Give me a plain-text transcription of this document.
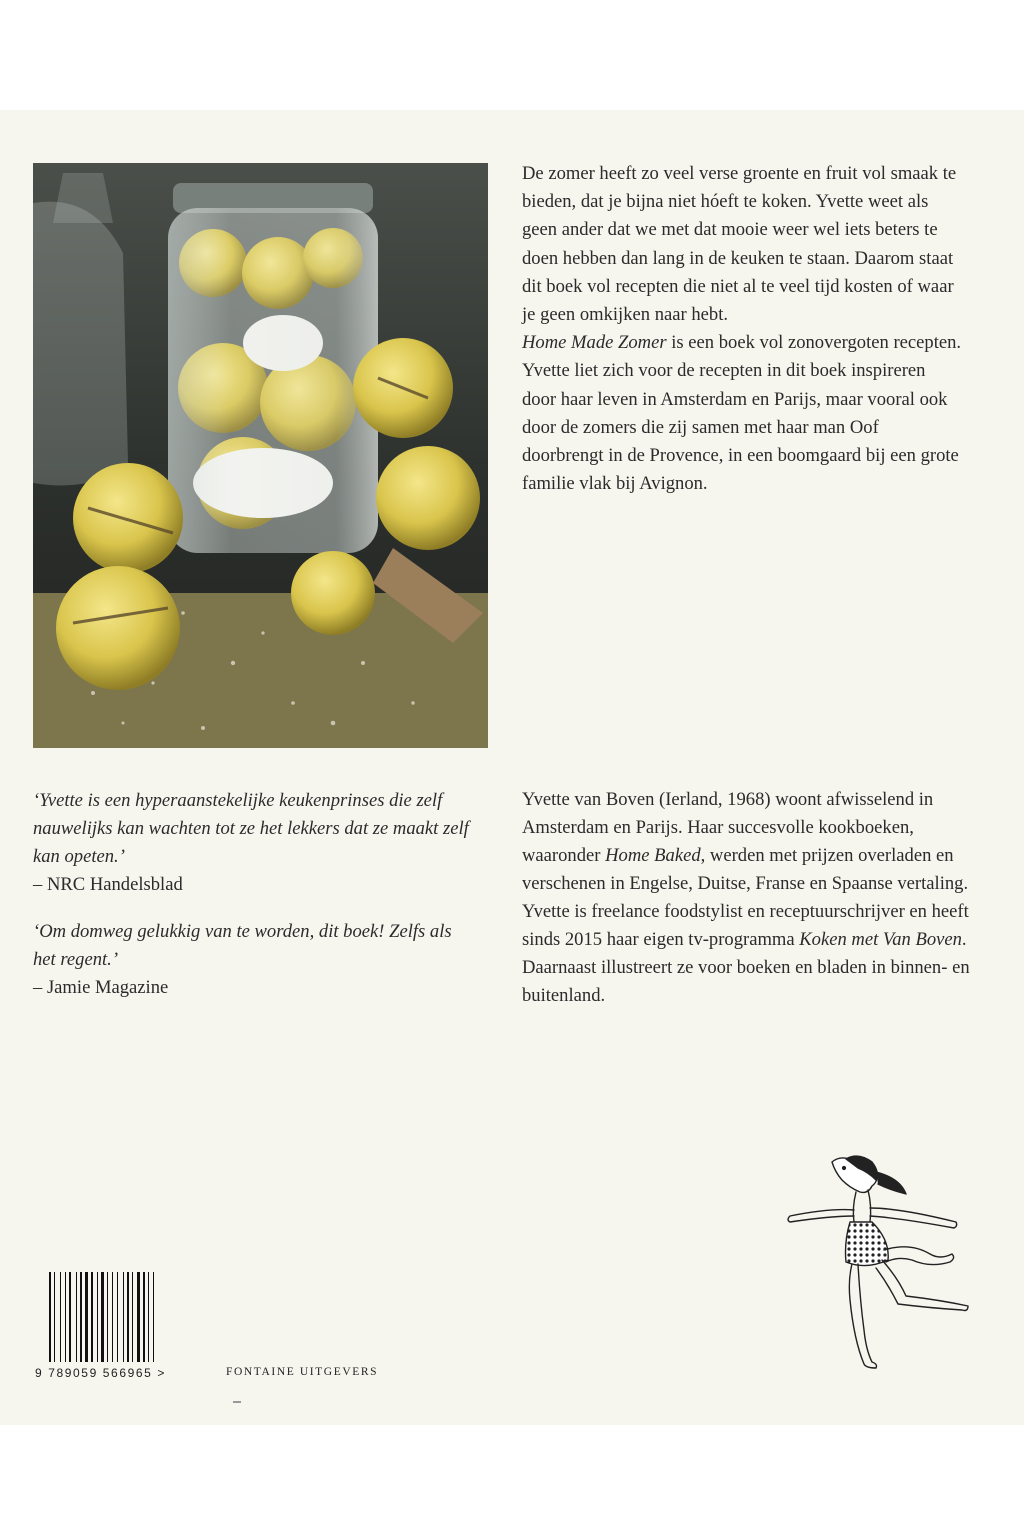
De zomer heeft zo veel verse groente en fruit vol smaak te bieden, dat je bijna niet hóeft te koken. Yvette weet als geen ander dat we met dat mooie weer wel iets beters te doen hebben dan lang in de keuken te staan. Daarom staat dit boek vol recepten die niet al te veel tijd kosten of waar je geen omkijken naar hebt.
Home Made Zomer is een boek vol zonovergoten recepten. Yvette liet zich voor de recepten in dit boek inspireren door haar leven in Amsterdam en Parijs, maar vooral ook door de zomers die zij samen met haar man Oof doorbrengt in de Provence, in een boomgaard bij een grote familie vlak bij Avignon.
‘Yvette is een hyperaanstekelijke keukenprinses die zelf nauwelijks kan wachten tot ze het lekkers dat ze maakt zelf kan opeten.’
– NRC Handelsblad
‘Om domweg gelukkig van te worden, dit boek! Zelfs als het regent.’
– Jamie Magazine
Yvette van Boven (Ierland, 1968) woont afwisselend in Amsterdam en Parijs. Haar succesvolle kookboeken, waaronder Home Baked, werden met prijzen overladen en verschenen in Engelse, Duitse, Franse en Spaanse vertaling. Yvette is freelance foodstylist en receptuurschrijver en heeft sinds 2015 haar eigen tv-programma Koken met Van Boven. Daarnaast illustreert ze voor boeken en bladen in binnen- en buitenland.
9 789059 566965 >	FONTAINE UITGEVERS
